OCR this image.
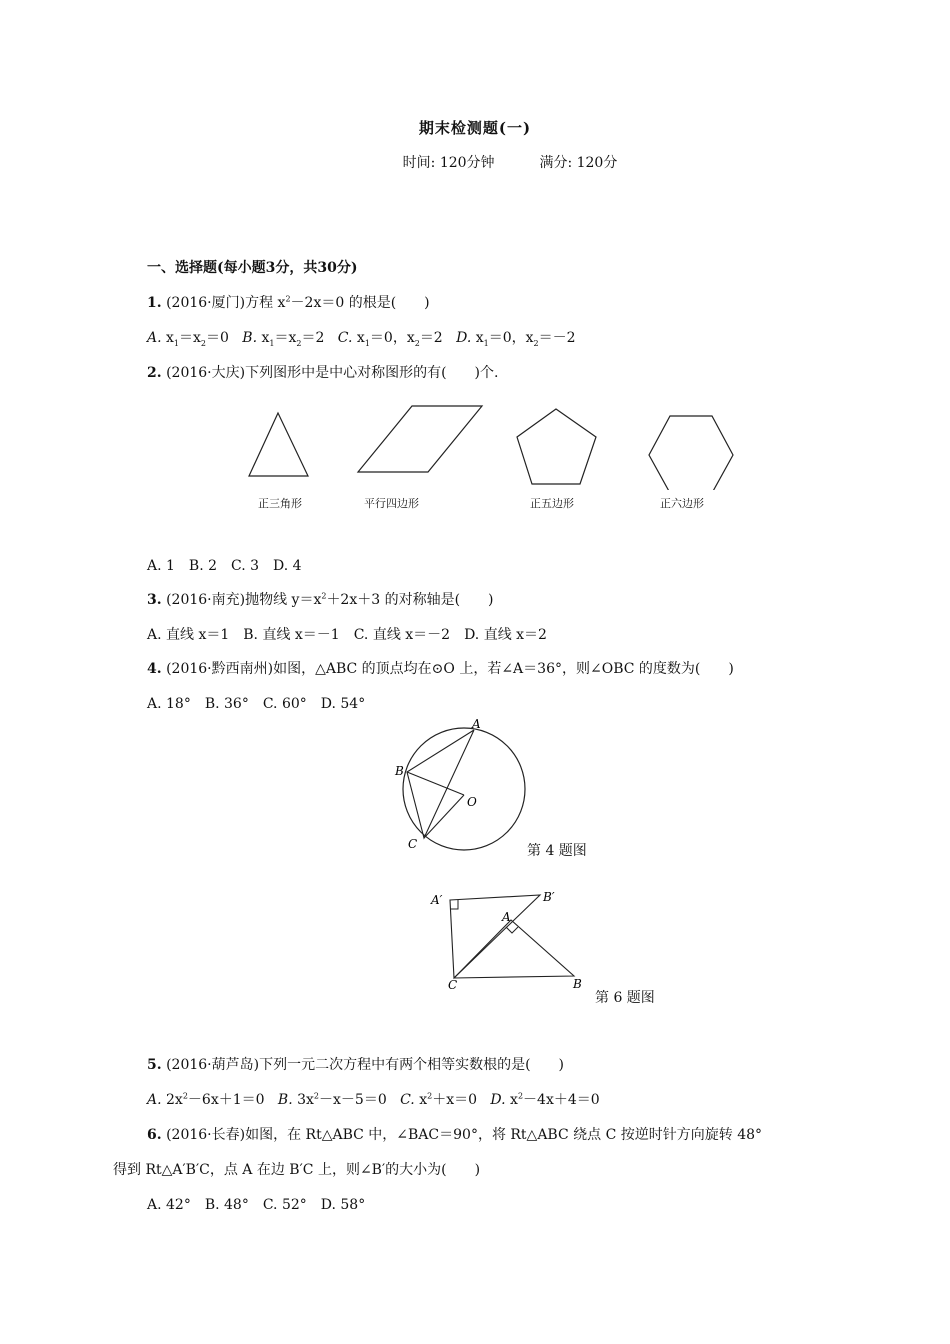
期末检测题(一)
时间: 120分钟	满分: 120分
一、选择题(每小题3分，共30分)
1. (2016·厦门)方程 $x^2-2x=0$ 的根是(　　)
A. $x_1=x_2=0$ B. $x_1=x_2=2$ C. $x_1=0$，$x_2=2$ D. $x_1=0$，$x_2=-2$
2. (2016·大庆)下列图形中是中心对称图形的有(　　)个.
正三角形	平行四边形	正五边形	正六边形
A. 1　B. 2　C. 3　D. 4
3. (2016·南充)抛物线 $y=x^2+2x+3$ 的对称轴是(　　)
A. 直线 x＝1　B. 直线 x＝－1　C. 直线 x＝－2　D. 直线 x＝2
4. (2016·黔西南州)如图，△ABC 的顶点均在⊙O 上，若∠A＝36°，则∠OBC 的度数为(　　)
A. 18°　B. 36°　C. 60°　D. 54°
A
B
C
O
第 4 题图
A′	B′
A
C	B
第 6 题图
5. (2016·葫芦岛)下列一元二次方程中有两个相等实数根的是(　　)
A. $2x^2-6x+1=0$ B. $3x^2-x-5=0$ C. $x^2+x=0$ D. $x^2-4x+4=0$
6. (2016·长春)如图，在 Rt△ABC 中，∠BAC＝90°，将 Rt△ABC 绕点 C 按逆时针方向旋转 48°
得到 Rt△A′B′C，点 A 在边 B′C 上，则∠B′的大小为(　　)
A. 42°　B. 48°　C. 52°　D. 58°
